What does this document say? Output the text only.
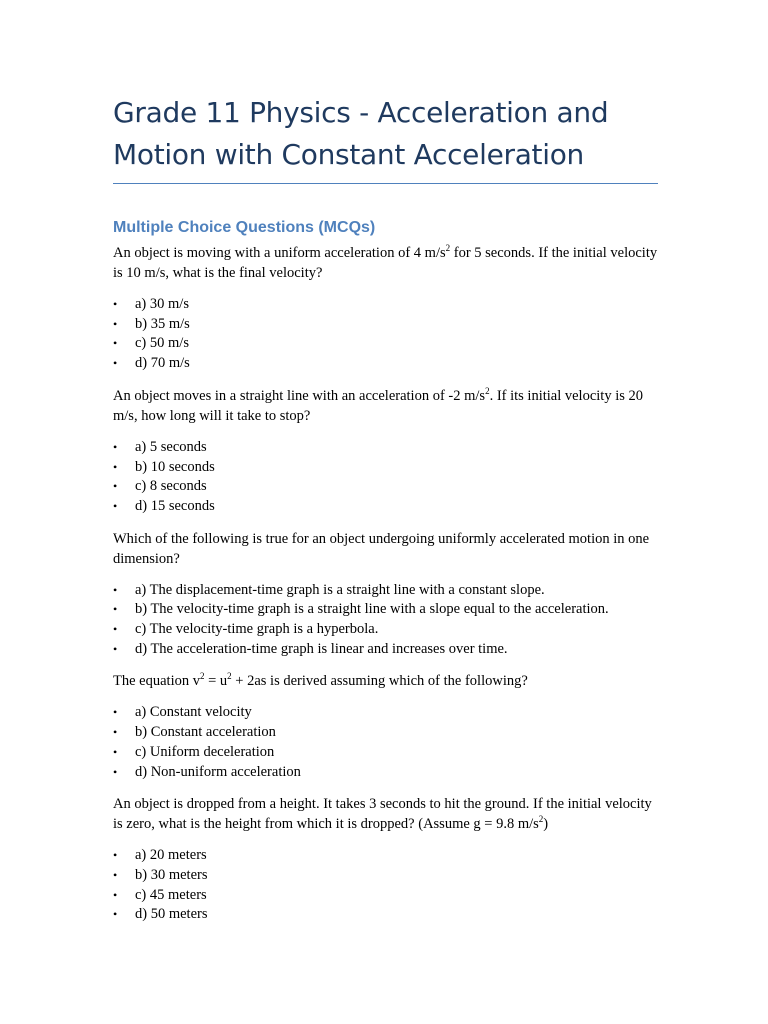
Grade 11 Physics - Acceleration and
Motion with Constant Acceleration
Multiple Choice Questions (MCQs)

An object is moving with a uniform acceleration of 4 $m/s^2$ for 5 seconds. If the initial velocity is 10 m/s, what is the final velocity?

• a) 30 m/s
• b) 35 m/s
• c) 50 m/s
• d) 70 m/s

An object moves in a straight line with an acceleration of -2 $m/s^2$. If its initial velocity is 20 m/s, how long will it take to stop?

• a) 5 seconds
• b) 10 seconds
• c) 8 seconds
• d) 15 seconds

Which of the following is true for an object undergoing uniformly accelerated motion in one dimension?

• a) The displacement-time graph is a straight line with a constant slope.
• b) The velocity-time graph is a straight line with a slope equal to the acceleration.
• c) The velocity-time graph is a hyperbola.
• d) The acceleration-time graph is linear and increases over time.

The equation $v^2 = u^2 + 2as$ is derived assuming which of the following?

• a) Constant velocity
• b) Constant acceleration
• c) Uniform deceleration
• d) Non-uniform acceleration

An object is dropped from a height. It takes 3 seconds to hit the ground. If the initial velocity is zero, what is the height from which it is dropped? (Assume g = 9.8 $m/s^2$)

• a) 20 meters
• b) 30 meters
• c) 45 meters
• d) 50 meters
